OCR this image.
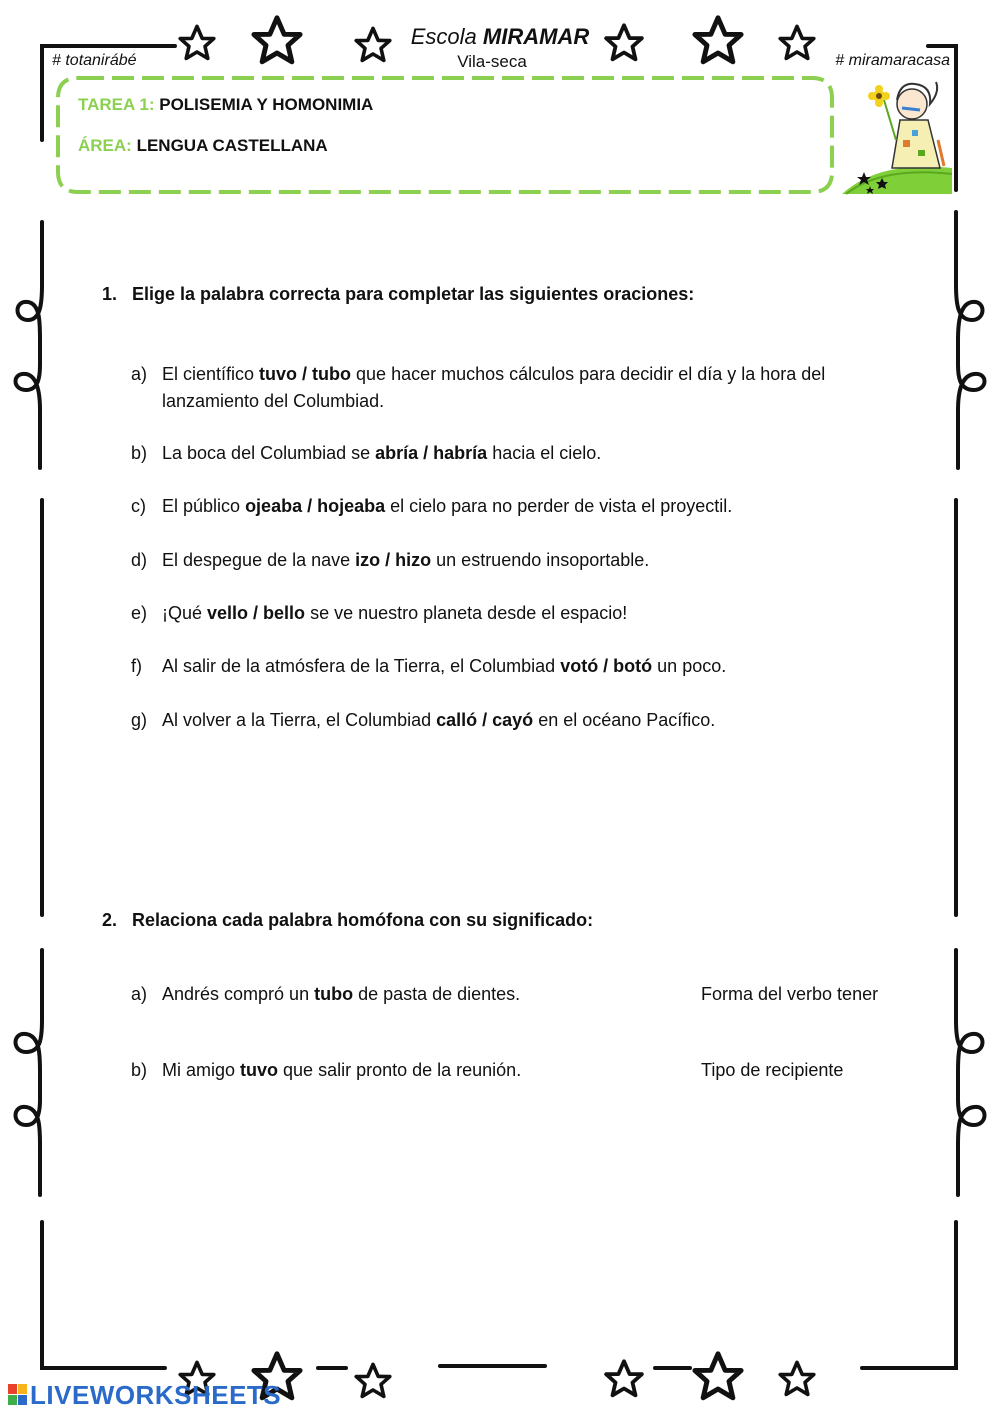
Escola MIRAMAR
Vila-seca
# totanirábé	# miramaracasa
TAREA 1: POLISEMIA Y HOMONIMIA
ÁREA: LENGUA CASTELLANA
1. Elige la palabra correcta para completar las siguientes oraciones:
a) El científico tuvo / tubo que hacer muchos cálculos para decidir el día y la hora del lanzamiento del Columbiad.
b) La boca del Columbiad se abría / habría hacia el cielo.
c) El público ojeaba / hojeaba el cielo para no perder de vista el proyectil.
d) El despegue de la nave izo / hizo un estruendo insoportable.
e) ¡Qué vello / bello se ve nuestro planeta desde el espacio!
f) Al salir de la atmósfera de la Tierra, el Columbiad votó / botó un poco.
g) Al volver a la Tierra, el Columbiad calló / cayó en el océano Pacífico.
2. Relaciona cada palabra homófona con su significado:
a) Andrés compró un tubo de pasta de dientes.	Forma del verbo tener
b) Mi amigo tuvo que salir pronto de la reunión.	Tipo de recipiente
LIVEWORKSHEETS
